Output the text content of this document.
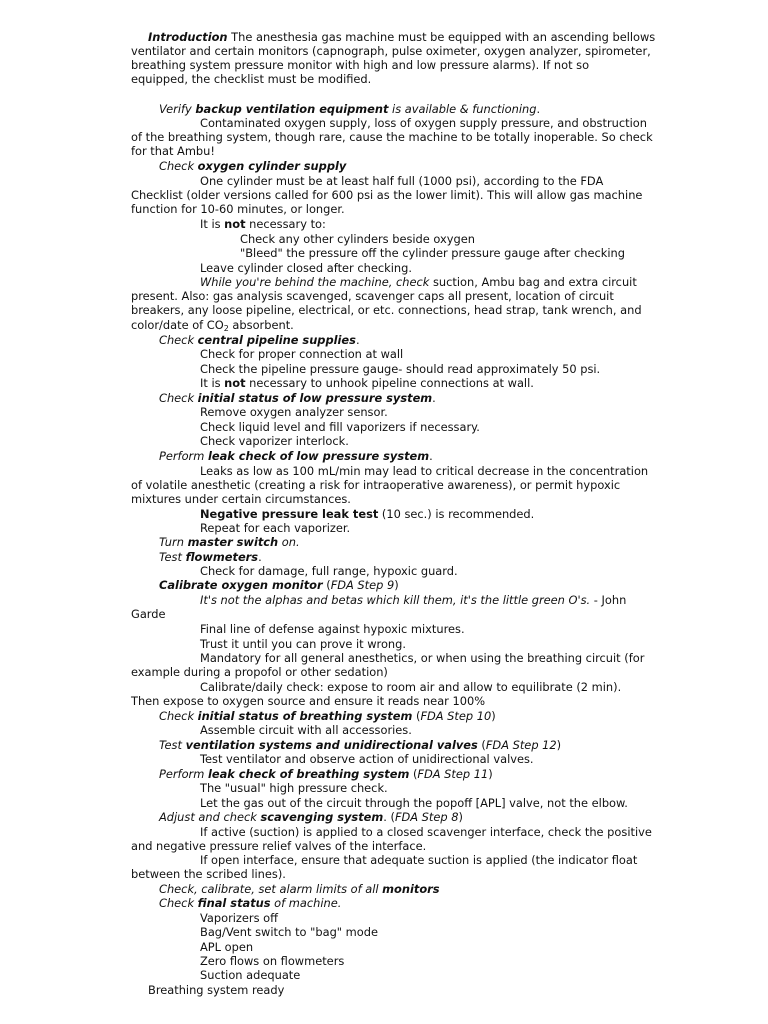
Introduction The anesthesia gas machine must be equipped with an ascending bellows
ventilator and certain monitors (capnograph, pulse oximeter, oxygen analyzer, spirometer,
breathing system pressure monitor with high and low pressure alarms). If not so
equipped, the checklist must be modified.
Verify backup ventilation equipment is available & functioning.
Contaminated oxygen supply, loss of oxygen supply pressure, and obstruction
of the breathing system, though rare, cause the machine to be totally inoperable. So check
for that Ambu!
Check oxygen cylinder supply
One cylinder must be at least half full (1000 psi), according to the FDA
Checklist (older versions called for 600 psi as the lower limit). This will allow gas machine
function for 10-60 minutes, or longer.
It is not necessary to:
Check any other cylinders beside oxygen
"Bleed" the pressure off the cylinder pressure gauge after checking
Leave cylinder closed after checking.
While you're behind the machine, check suction, Ambu bag and extra circuit
present. Also: gas analysis scavenged, scavenger caps all present, location of circuit
breakers, any loose pipeline, electrical, or etc. connections, head strap, tank wrench, and
color/date of $CO_2$ absorbent.
Check central pipeline supplies.
Check for proper connection at wall
Check the pipeline pressure gauge- should read approximately 50 psi.
It is not necessary to unhook pipeline connections at wall.
Check initial status of low pressure system.
Remove oxygen analyzer sensor.
Check liquid level and fill vaporizers if necessary.
Check vaporizer interlock.
Perform leak check of low pressure system.
Leaks as low as 100 mL/min may lead to critical decrease in the concentration
of volatile anesthetic (creating a risk for intraoperative awareness), or permit hypoxic
mixtures under certain circumstances.
Negative pressure leak test (10 sec.) is recommended.
Repeat for each vaporizer.
Turn master switch on.
Test flowmeters.
Check for damage, full range, hypoxic guard.
Calibrate oxygen monitor (FDA Step 9)
It's not the alphas and betas which kill them, it's the little green O's. - John
Garde
Final line of defense against hypoxic mixtures.
Trust it until you can prove it wrong.
Mandatory for all general anesthetics, or when using the breathing circuit (for
example during a propofol or other sedation)
Calibrate/daily check: expose to room air and allow to equilibrate (2 min).
Then expose to oxygen source and ensure it reads near 100%
Check initial status of breathing system (FDA Step 10)
Assemble circuit with all accessories.
Test ventilation systems and unidirectional valves (FDA Step 12)
Test ventilator and observe action of unidirectional valves.
Perform leak check of breathing system (FDA Step 11)
The "usual" high pressure check.
Let the gas out of the circuit through the popoff [APL] valve, not the elbow.
Adjust and check scavenging system. (FDA Step 8)
If active (suction) is applied to a closed scavenger interface, check the positive
and negative pressure relief valves of the interface.
If open interface, ensure that adequate suction is applied (the indicator float
between the scribed lines).
Check, calibrate, set alarm limits of all monitors
Check final status of machine.
Vaporizers off
Bag/Vent switch to "bag" mode
APL open
Zero flows on flowmeters
Suction adequate
Breathing system ready
